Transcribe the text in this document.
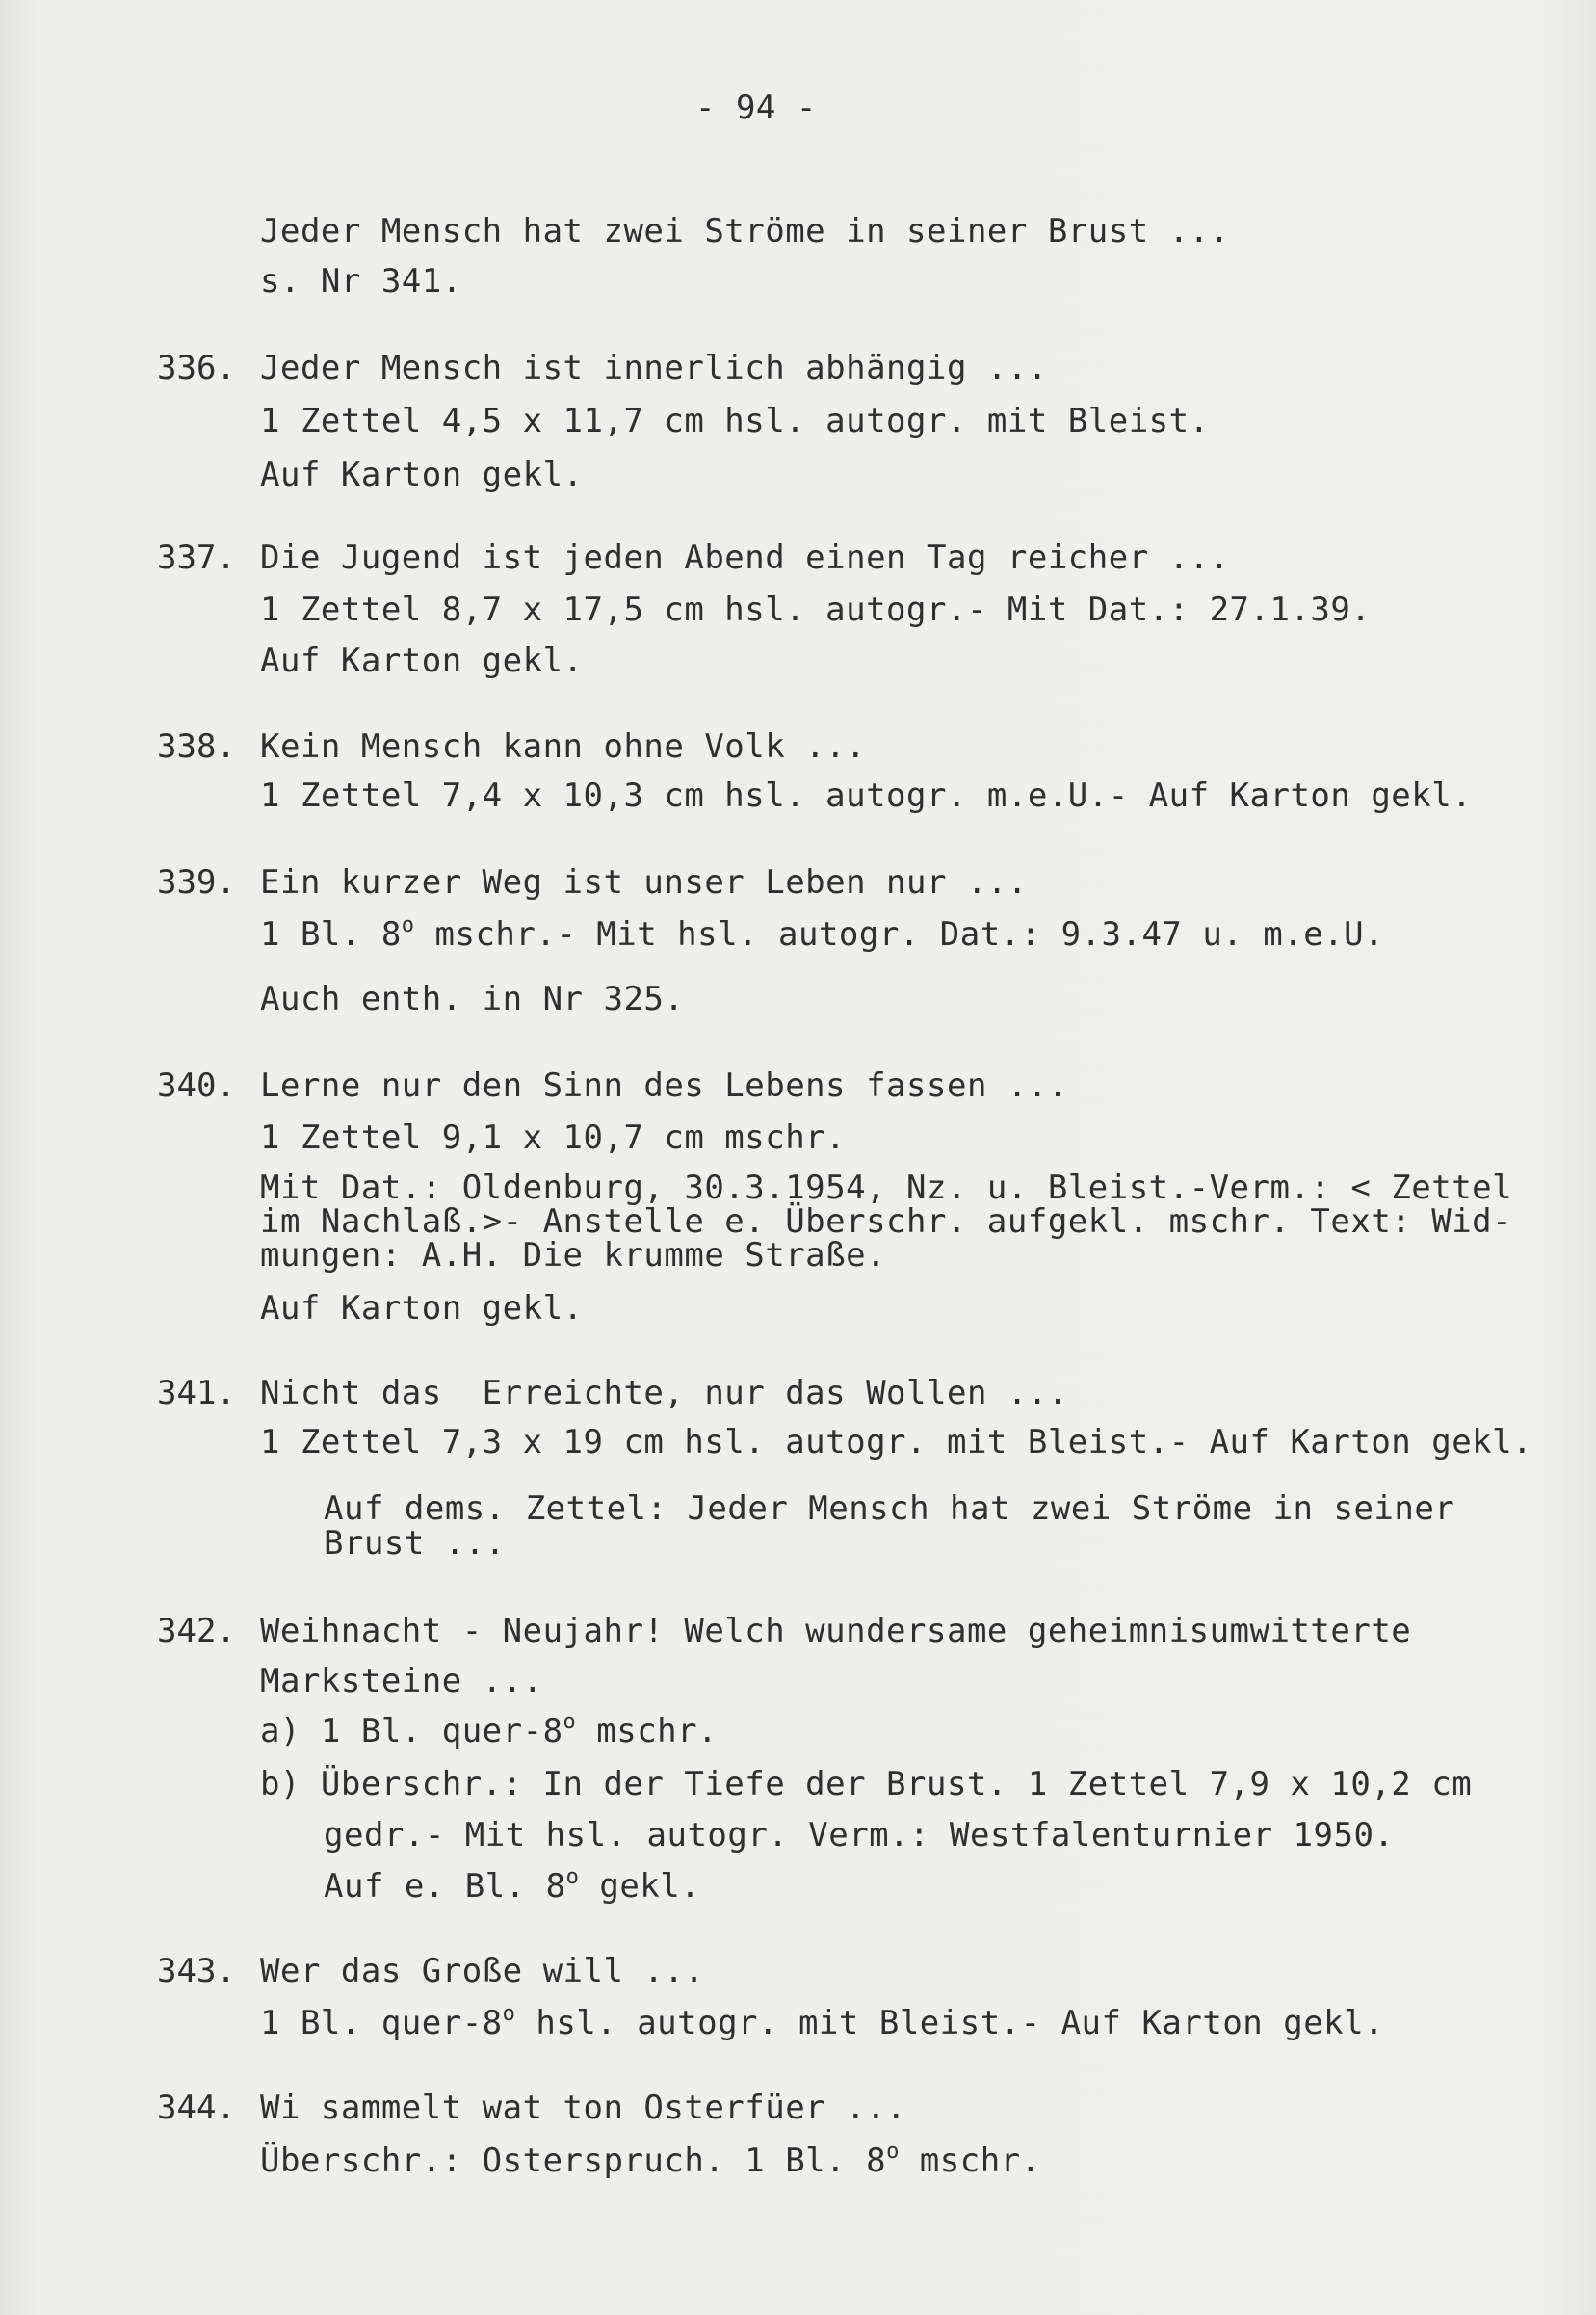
- 94 -
Jeder Mensch hat zwei Ströme in seiner Brust ...
s. Nr 341.
336. Jeder Mensch ist innerlich abhängig ...
1 Zettel 4,5 x 11,7 cm hsl. autogr. mit Bleist.
Auf Karton gekl.
337. Die Jugend ist jeden Abend einen Tag reicher ...
1 Zettel 8,7 x 17,5 cm hsl. autogr.- Mit Dat.: 27.1.39.
Auf Karton gekl.
338. Kein Mensch kann ohne Volk ...
1 Zettel 7,4 x 10,3 cm hsl. autogr. m.e.U.- Auf Karton gekl.
339. Ein kurzer Weg ist unser Leben nur ...
1 Bl. 8$^o$ mschr.- Mit hsl. autogr. Dat.: 9.3.47 u. m.e.U.
Auch enth. in Nr 325.
340. Lerne nur den Sinn des Lebens fassen ...
1 Zettel 9,1 x 10,7 cm mschr.
Mit Dat.: Oldenburg, 30.3.1954, Nz. u. Bleist.-Verm.: < Zettel
im Nachlaß.>- Anstelle e. Überschr. aufgekl. mschr. Text: Wid-
mungen: A.H. Die krumme Straße.
Auf Karton gekl.
341. Nicht das  Erreichte, nur das Wollen ...
1 Zettel 7,3 x 19 cm hsl. autogr. mit Bleist.- Auf Karton gekl.
Auf dems. Zettel: Jeder Mensch hat zwei Ströme in seiner
Brust ...
342. Weihnacht - Neujahr! Welch wundersame geheimnisumwitterte
Marksteine ...
a) 1 Bl. quer-8$^o$ mschr.
b) Überschr.: In der Tiefe der Brust. 1 Zettel 7,9 x 10,2 cm
gedr.- Mit hsl. autogr. Verm.: Westfalenturnier 1950.
Auf e. Bl. 8$^o$ gekl.
343. Wer das Große will ...
1 Bl. quer-8$^o$ hsl. autogr. mit Bleist.- Auf Karton gekl.
344. Wi sammelt wat ton Osterfüer ...
Überschr.: Osterspruch. 1 Bl. 8$^o$ mschr.
